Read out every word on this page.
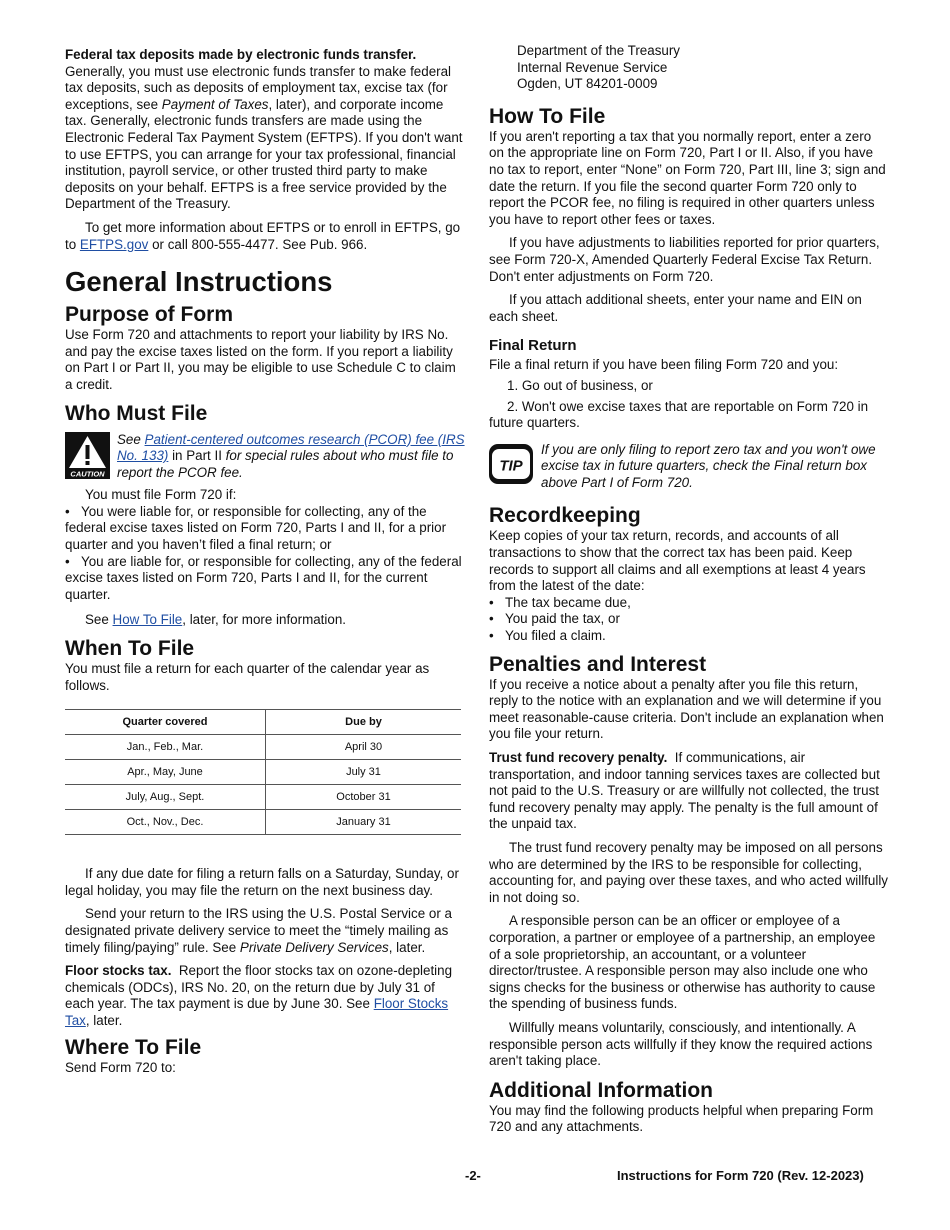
Federal tax deposits made by electronic funds transfer. Generally, you must use electronic funds transfer to make federal tax deposits, such as deposits of employment tax, excise tax (for exceptions, see Payment of Taxes, later), and corporate income tax. Generally, electronic funds transfers are made using the Electronic Federal Tax Payment System (EFTPS). If you don't want to use EFTPS, you can arrange for your tax professional, financial institution, payroll service, or other trusted third party to make deposits on your behalf. EFTPS is a free service provided by the Department of the Treasury.

To get more information about EFTPS or to enroll in EFTPS, go to EFTPS.gov or call 800-555-4477. See Pub. 966.

General Instructions
Purpose of Form

Use Form 720 and attachments to report your liability by IRS No. and pay the excise taxes listed on the form. If you report a liability on Part I or Part II, you may be eligible to use Schedule C to claim a credit.

Who Must File
CAUTION
See Patient-centered outcomes research (PCOR) fee (IRS No. 133) in Part II for special rules about who must file to report the PCOR fee.

You must file Form 720 if:

• You were liable for, or responsible for collecting, any of the federal excise taxes listed on Form 720, Parts I and II, for a prior quarter and you haven’t filed a final return; or

• You are liable for, or responsible for collecting, any of the federal excise taxes listed on Form 720, Parts I and II, for the current quarter.

See How To File, later, for more information.

When To File

You must file a return for each quarter of the calendar year as follows.

Quarter covered	Due by
Jan., Feb., Mar.	April 30
Apr., May, June	July 31
July, Aug., Sept.	October 31
Oct., Nov., Dec.	January 31

If any due date for filing a return falls on a Saturday, Sunday, or legal holiday, you may file the return on the next business day.

Send your return to the IRS using the U.S. Postal Service or a designated private delivery service to meet the “timely mailing as timely filing/paying” rule. See Private Delivery Services, later.

Floor stocks tax. Report the floor stocks tax on ozone-depleting chemicals (ODCs), IRS No. 20, on the return due by July 31 of each year. The tax payment is due by June 30. See Floor Stocks Tax, later.

Where To File

Send Form 720 to:

Department of the Treasury

Internal Revenue Service

Ogden, UT 84201-0009

How To File

If you aren't reporting a tax that you normally report, enter a zero on the appropriate line on Form 720, Part I or II. Also, if you have no tax to report, enter “None” on Form 720, Part III, line 3; sign and date the return. If you file the second quarter Form 720 only to report the PCOR fee, no filing is required in other quarters unless you have to report other fees or taxes.

If you have adjustments to liabilities reported for prior quarters, see Form 720-X, Amended Quarterly Federal Excise Tax Return. Don't enter adjustments on Form 720.

If you attach additional sheets, enter your name and EIN on each sheet.

Final Return

File a final return if you have been filing Form 720 and you:

1. Go out of business, or

2. Won't owe excise taxes that are reportable on Form 720 in future quarters.

TIP
If you are only filing to report zero tax and you won't owe excise tax in future quarters, check the Final return box above Part I of Form 720.
Recordkeeping

Keep copies of your tax return, records, and accounts of all transactions to show that the correct tax has been paid. Keep records to support all claims and all exemptions at least 4 years from the latest of the date:

• The tax became due,

• You paid the tax, or

• You filed a claim.

Penalties and Interest

If you receive a notice about a penalty after you file this return, reply to the notice with an explanation and we will determine if you meet reasonable-cause criteria. Don't include an explanation when you file your return.

Trust fund recovery penalty. If communications, air transportation, and indoor tanning services taxes are collected but not paid to the U.S. Treasury or are willfully not collected, the trust fund recovery penalty may apply. The penalty is the full amount of the unpaid tax.

The trust fund recovery penalty may be imposed on all persons who are determined by the IRS to be responsible for collecting, accounting for, and paying over these taxes, and who acted willfully in not doing so.

A responsible person can be an officer or employee of a corporation, a partner or employee of a partnership, an employee of a sole proprietorship, an accountant, or a volunteer director/trustee. A responsible person may also include one who signs checks for the business or otherwise has authority to cause the spending of business funds.

Willfully means voluntarily, consciously, and intentionally. A responsible person acts willfully if they know the required actions aren't taking place.

Additional Information

You may find the following products helpful when preparing Form 720 and any attachments.

-2-	Instructions for Form 720 (Rev. 12-2023)
